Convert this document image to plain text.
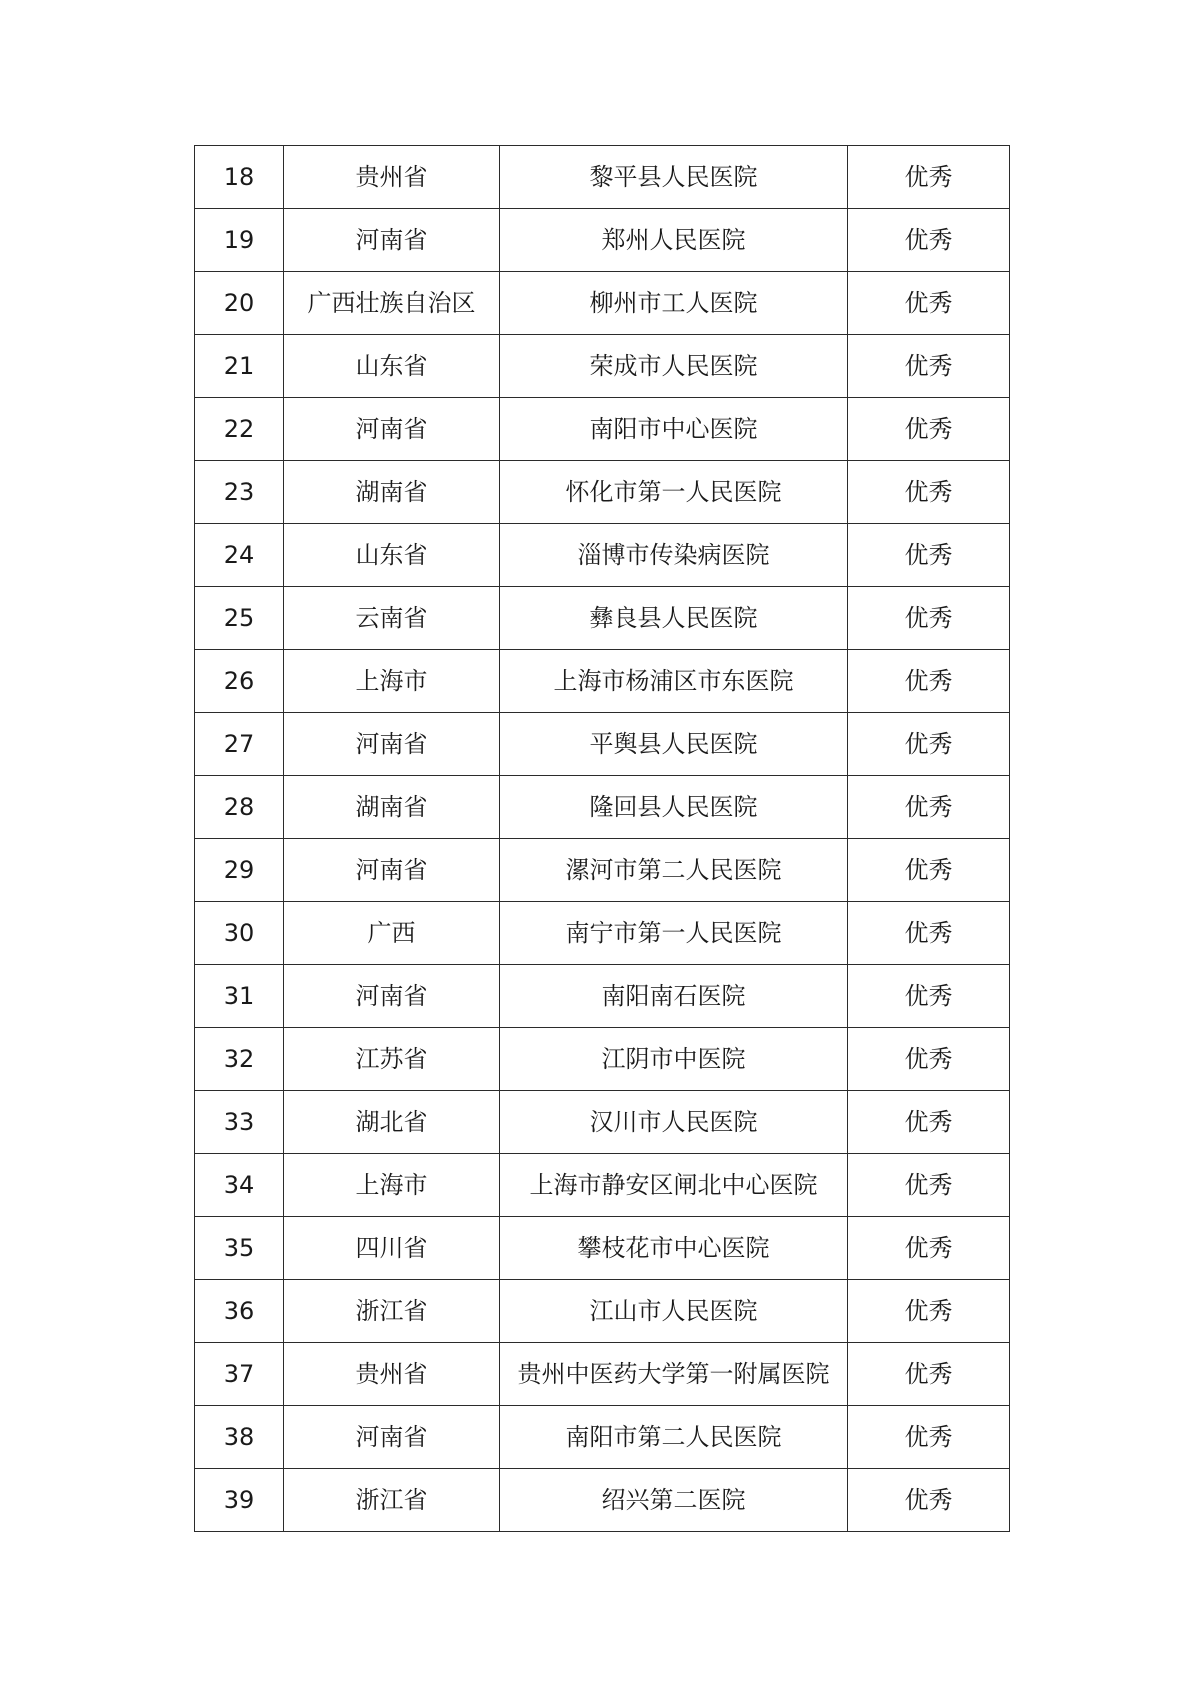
18	贵州省	黎平县人民医院	优秀
19	河南省	郑州人民医院	优秀
20	广西壮族自治区	柳州市工人医院	优秀
21	山东省	荣成市人民医院	优秀
22	河南省	南阳市中心医院	优秀
23	湖南省	怀化市第一人民医院	优秀
24	山东省	淄博市传染病医院	优秀
25	云南省	彝良县人民医院	优秀
26	上海市	上海市杨浦区市东医院	优秀
27	河南省	平舆县人民医院	优秀
28	湖南省	隆回县人民医院	优秀
29	河南省	漯河市第二人民医院	优秀
30	广西	南宁市第一人民医院	优秀
31	河南省	南阳南石医院	优秀
32	江苏省	江阴市中医院	优秀
33	湖北省	汉川市人民医院	优秀
34	上海市	上海市静安区闸北中心医院	优秀
35	四川省	攀枝花市中心医院	优秀
36	浙江省	江山市人民医院	优秀
37	贵州省	贵州中医药大学第一附属医院	优秀
38	河南省	南阳市第二人民医院	优秀
39	浙江省	绍兴第二医院	优秀
